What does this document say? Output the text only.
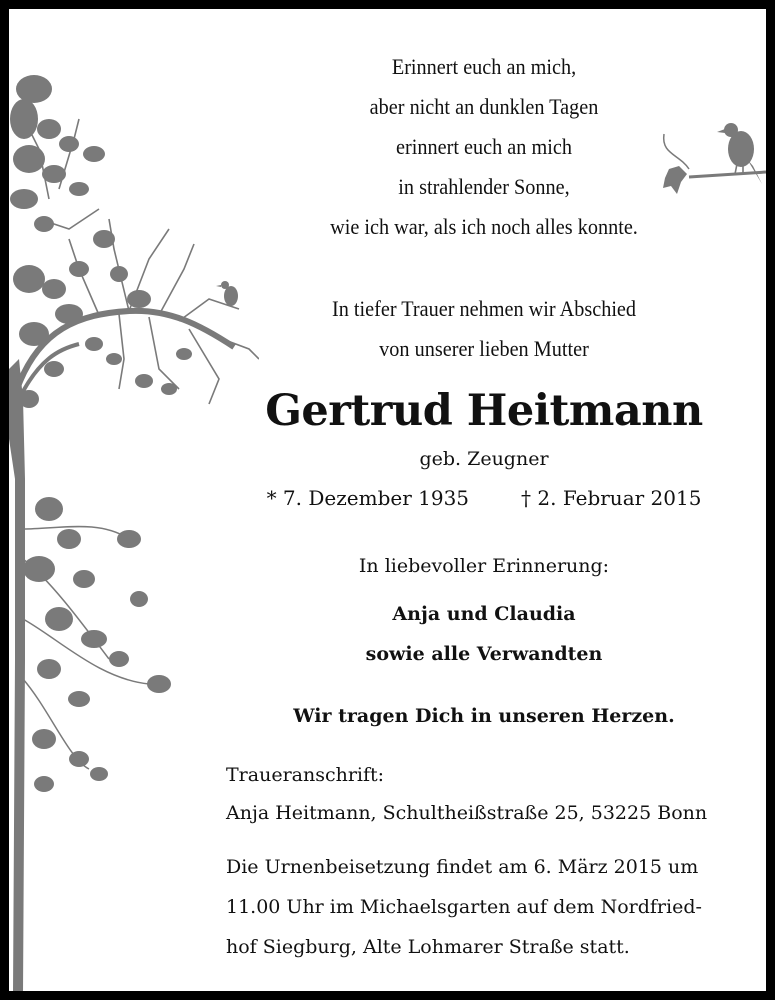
Erinnert euch an mich,
aber nicht an dunklen Tagen
erinnert euch an mich
in strahlender Sonne,
wie ich war, als ich noch alles konnte.
In tiefer Trauer nehmen wir Abschied
von unserer lieben Mutter
Gertrud Heitmann
geb. Zeugner
* 7. Dezember 1935	† 2. Februar 2015
In liebevoller Erinnerung:
Anja und Claudia
sowie alle Verwandten
Wir tragen Dich in unseren Herzen.
Traueranschrift:
Anja Heitmann, Schultheißstraße 25, 53225 Bonn
Die Urnenbeisetzung findet am 6. März 2015 um
11.00 Uhr im Michaelsgarten auf dem Nordfried-
hof Siegburg, Alte Lohmarer Straße statt.
